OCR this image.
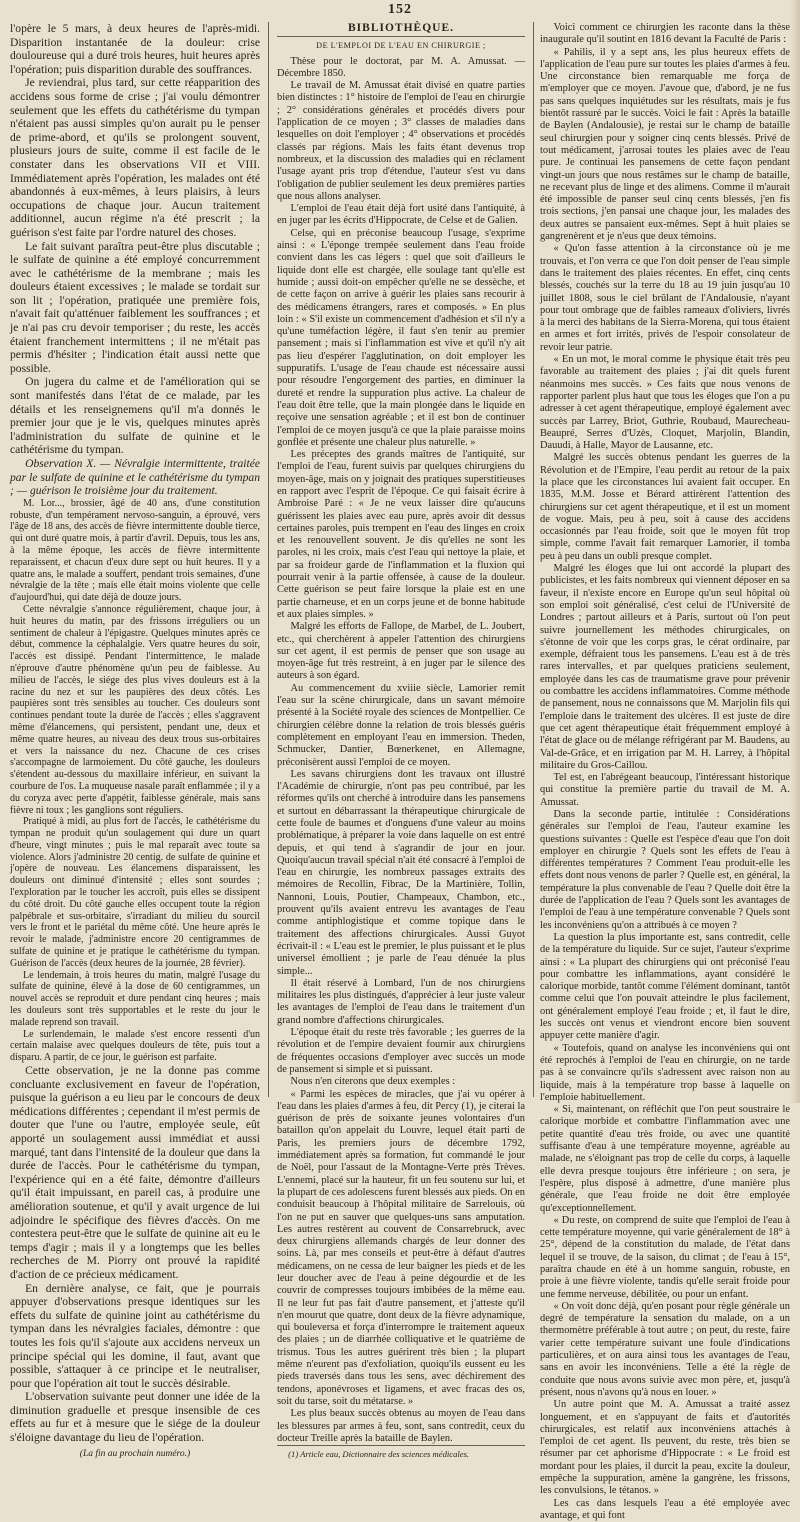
152

l'opère le 5 mars, à deux heures de l'après-midi. Disparition instantanée de la douleur: crise douloureuse qui a duré trois heures, huit heures après l'opération; puis disparition durable des souffrances.

Je reviendrai, plus tard, sur cette réapparition des accidens sous forme de crise ; j'ai voulu démontrer seulement que les effets du cathétérisme du tympan n'étaient pas aussi simples qu'on aurait pu le penser de prime-abord, et qu'ils se prolongent souvent, plusieurs jours de suite, comme il est facile de le constater dans les observations VII et VIII. Immédiatement après l'opération, les malades ont été abandonnés à eux-mêmes, à leurs plaisirs, à leurs occupations de chaque jour. Aucun traitement additionnel, aucun régime n'a été prescrit ; la guérison s'est faite par l'ordre naturel des choses.

Le fait suivant paraîtra peut-être plus discutable ; le sulfate de quinine a été employé concurremment avec le cathétérisme de la membrane ; mais les douleurs étaient excessives ; le malade se tordait sur son lit ; l'opération, pratiquée une première fois, n'avait fait qu'atténuer faiblement les souffrances ; et je n'ai pas cru devoir temporiser ; du reste, les accès étaient franchement intermittens ; il ne m'était pas permis d'hésiter ; l'indication était aussi nette que possible.

On jugera du calme et de l'amélioration qui se sont manifestés dans l'état de ce malade, par les détails et les renseignemens qu'il m'a donnés le premier jour que je le vis, quelques minutes après l'administration du sulfate de quinine et le cathétérisme du tympan.

Observation X. — Névralgie intermittente, traitée par le sulfate de quinine et le cathétérisme du tympan ; — guérison le troisième jour du traitement.

M. Lor..., brossier, âgé de 40 ans, d'une constitution robuste, d'un tempérament nervoso-sanguin, a éprouvé, vers l'âge de 18 ans, des accès de fièvre intermittente double tierce, qui ont duré quatre mois, à partir d'avril. Depuis, tous les ans, à la même époque, les accès de fièvre intermittente reparaissent, et chacun d'eux dure sept ou huit heures. Il y a quatre ans, le malade a souffert, pendant trois semaines, d'une névralgie de la tête ; mais elle était moins violente que celle d'aujourd'hui, qui date déjà de douze jours.

Cette névralgie s'annonce régulièrement, chaque jour, à huit heures du matin, par des frissons irréguliers ou un sentiment de chaleur à l'épigastre. Quelques minutes après ce début, commence la céphalalgie. Vers quatre heures du soir, l'accès est dissipé. Pendant l'intermittence, le malade n'éprouve d'autre phénomène qu'un peu de faiblesse. Au milieu de l'accès, le siége des plus vives douleurs est à la racine du nez et sur les paupières des deux côtés. Les paupières sont très sensibles au toucher. Ces douleurs sont continues pendant toute la durée de l'accès ; elles s'aggravent même d'élancemens, qui persistent, pendant une, deux et même quatre heures, au niveau des deux trous sus-orbitaires et vers la naissance du nez. Chacune de ces crises s'accompagne de larmoiement. Du côté gauche, les douleurs s'étendent au-dessous du maxillaire inférieur, en suivant la courbure de l'os. La muqueuse nasale paraît enflammée ; il y a du coryza avec perte d'appétit, faiblesse générale, mais sans fièvre ni toux ; les ganglions sont réguliers.

Pratiqué à midi, au plus fort de l'accès, le cathétérisme du tympan ne produit qu'un soulagement qui dure un quart d'heure, vingt minutes ; puis le mal reparaît avec toute sa violence. Alors j'administre 20 centig. de sulfate de quinine et j'opère de nouveau. Les élancemens disparaissent, les douleurs ont diminué d'intensité ; elles sont sourdes ; l'exploration par le toucher les accroît, puis elles se dissipent du côté droit. Du côté gauche elles occupent toute la région palpébrale et sus-orbitaire, s'irradiant du milieu du sourcil vers le front et le pariétal du même côté. Une heure après le revoir le malade, j'administre encore 20 centigrammes de sulfate de quinine et je pratique le cathétérisme du tympan. Guérison de l'accès (deux heures de la journée, 28 février).

Le lendemain, à trois heures du matin, malgré l'usage du sulfate de quinine, élevé à la dose de 60 centigrammes, un nouvel accès se reproduit et dure pendant cinq heures ; mais les douleurs sont très supportables et le reste du jour le malade reprend son travail.

Le surlendemain, le malade s'est encore ressenti d'un certain malaise avec quelques douleurs de tête, puis tout a disparu. A partir, de ce jour, le guérison est parfaite.

Cette observation, je ne la donne pas comme concluante exclusivement en faveur de l'opération, puisque la guérison a eu lieu par le concours de deux médications différentes ; cependant il m'est permis de douter que l'une ou l'autre, employée seule, eût apporté un soulagement aussi immédiat et aussi marqué, tant dans l'intensité de la douleur que dans la durée de l'accès. Pour le cathétérisme du tympan, l'expérience qui en a été faite, démontre d'ailleurs qu'il était impuissant, en pareil cas, à produire une amélioration soutenue, et qu'il y avait urgence de lui adjoindre le spécifique des fièvres d'accès. On me contestera peut-être que le sulfate de quinine ait eu le temps d'agir ; mais il y a longtemps que les belles recherches de M. Piorry ont prouvé la rapidité d'action de ce précieux médicament.

En dernière analyse, ce fait, que je pourrais appuyer d'observations presque identiques sur les effets du sulfate de quinine joint au cathétérisme du tympan dans les névralgies faciales, démontre : que toutes les fois qu'il s'ajoute aux accidens nerveux un principe spécial qui les domine, il faut, avant que possible, s'attaquer à ce principe et le neutraliser, pour que l'opération ait tout le succès désirable.

L'observation suivante peut donner une idée de la diminution graduelle et presque insensible de ces effets au fur et à mesure que le siége de la douleur s'éloigne davantage du lieu de l'opération.

(La fin au prochain numéro.)
BIBLIOTHÈQUE.
DE L'EMPLOI DE L'EAU EN CHIRURGIE ;

Thèse pour le doctorat, par M. A. Amussat. — Décembre 1850.

Le travail de M. Amussat était divisé en quatre parties bien distinctes : 1° histoire de l'emploi de l'eau en chirurgie ; 2° considérations générales et procédés divers pour l'application de ce moyen ; 3° classes de maladies dans lesquelles on doit l'employer ; 4° observations et procédés classés par régions. Mais les faits étant devenus trop nombreux, et la discussion des maladies qui en réclament l'usage ayant pris trop d'étendue, l'auteur s'est vu dans l'obligation de publier seulement les deux premières parties que nous allons analyser.

L'emploi de l'eau était déjà fort usité dans l'antiquité, à en juger par les écrits d'Hippocrate, de Celse et de Galien.

Celse, qui en préconise beaucoup l'usage, s'exprime ainsi : « L'éponge trempée seulement dans l'eau froide convient dans les cas légers : quel que soit d'ailleurs le liquide dont elle est chargée, elle soulage tant qu'elle est humide ; aussi doit-on empêcher qu'elle ne se dessèche, et de cette façon on arrive à guérir les plaies sans recourir à des médicamens étrangers, rares et composés. » En plus loin : « S'il existe un commencement d'adhésion et s'il n'y a qu'une tuméfaction légère, il faut s'en tenir au premier pansement ; mais si l'inflammation est vive et qu'il n'y ait pas lieu d'espérer l'agglutination, on doit employer les suppuratifs. L'usage de l'eau chaude est nécessaire aussi pour résoudre l'engorgement des parties, en diminuer la dureté et rendre la suppuration plus active. La chaleur de l'eau doit être telle, que la main plongée dans le liquide en reçoive une sensation agréable ; et il est bon de continuer l'emploi de ce moyen jusqu'à ce que la plaie paraisse moins gonflée et présente une chaleur plus naturelle. »

Les préceptes des grands maîtres de l'antiquité, sur l'emploi de l'eau, furent suivis par quelques chirurgiens du moyen-âge, mais on y joignait des pratiques superstitieuses en rapport avec l'esprit de l'époque. Ce qui faisait écrire à Ambroise Paré : « Je ne veux laisser dire qu'aucuns guérissent les plaies avec eau pure, après avoir dit dessus certaines paroles, puis trempent en l'eau des linges en croix et les renouvellent souvent. Je dis qu'elles ne sont les paroles, ni les croix, mais c'est l'eau qui nettoye la plaie, et par sa froideur garde de l'inflammation et la fluxion qui pourrait venir à la partie offensée, à cause de la douleur. Cette guérison se peut faire lorsque la plaie est en une partie charneuse, et en un corps jeune et de bonne habitude et aux plaies simples. »

Malgré les efforts de Fallope, de Marbel, de L. Joubert, etc., qui cherchèrent à appeler l'attention des chirurgiens sur cet agent, il est permis de penser que son usage au moyen-âge fut très restreint, à en juger par le silence des auteurs à son égard.

Au commencement du xviiie siècle, Lamorier remit l'eau sur la scène chirurgicale, dans un savant mémoire présenté à la Société royale des sciences de Montpellier. Ce chirurgien célèbre donne la relation de trois blessés guéris complètement en employant l'eau en immersion. Theden, Schmucker, Dantier, Bœnerkenet, en Allemagne, préconisèrent aussi l'emploi de ce moyen.

Les savans chirurgiens dont les travaux ont illustré l'Académie de chirurgie, n'ont pas peu contribué, par les réformes qu'ils ont cherché à introduire dans les pansemens et surtout en débarrassant la thérapeutique chirurgicale de cette foule de baumes et d'onguens d'une valeur au moins problématique, à préparer la voie dans laquelle on est entré depuis, et qui tend à s'agrandir de jour en jour. Quoiqu'aucun travail spécial n'ait été consacré à l'emploi de l'eau en chirurgie, les nombreux passages extraits des mémoires de Recollin, Fibrac, De la Martinière, Tollin, Nannoni, Louis, Poutier, Champeaux, Chambon, etc., prouvent qu'ils avaient entrevu les avantages de l'eau comme antiphlogistique et comme topique dans le traitement des affections chirurgicales. Aussi Guyot écrivait-il : « L'eau est le premier, le plus puissant et le plus universel émollient ; je parle de l'eau dénuée la plus simple...

Il était réservé à Lombard, l'un de nos chirurgiens militaires les plus distingués, d'apprécier à leur juste valeur les avantages de l'emploi de l'eau dans le traitement d'un grand nombre d'affections chirurgicales.

L'époque était du reste très favorable ; les guerres de la révolution et de l'empire devaient fournir aux chirurgiens de fréquentes occasions d'employer avec succès un mode de pansement si simple et si puissant.

Nous n'en citerons que deux exemples :

« Parmi les espèces de miracles, que j'ai vu opérer à l'eau dans les plaies d'armes à feu, dit Percy (1), je citerai la guérison de près de soixante jeunes volontaires d'un bataillon qu'on appelait du Louvre, lequel était parti de Paris, les premiers jours de décembre 1792, immédiatement après sa formation, fut commandé le jour de Noël, pour l'assaut de la Montagne-Verte près Trèves. L'ennemi, placé sur la hauteur, fit un feu soutenu sur lui, et la plupart de ces adolescens furent blessés aux pieds. On en conduisit beaucoup à l'hôpital militaire de Sarrelouis, où l'on ne put en sauver que quelques-uns sans amputation. Les autres restèrent au couvent de Consarrebruck, avec deux chirurgiens allemands chargés de leur donner des soins. Là, par mes conseils et peut-être à défaut d'autres médicamens, on ne cessa de leur baigner les pieds et de les leur doucher avec de l'eau à peine dégourdie et de les couvrir de compresses toujours imbibées de la même eau. Il ne leur fut pas fait d'autre pansement, et j'atteste qu'il n'en mourut que quatre, dont deux de la fièvre adynamique, qui bouleversa et força d'interrompre le traitement aqueux des plaies ; un de diarrhée colliquative et le quatrième de trismus. Tous les autres guérirent très bien ; la plupart même n'eurent pas d'exfoliation, quoiqu'ils eussent eu les pieds traversés dans tous les sens, avec déchirement des tendons, aponévroses et ligamens, et avec fracas des os, soit du tarse, soit du métatarse. »

Les plus beaux succès obtenus au moyen de l'eau dans les blessures par armes à feu, sont, sans contredit, ceux du docteur Treille après la bataille de Baylen.

(1) Article eau, Dictionnaire des sciences médicales.

Voici comment ce chirurgien les raconte dans la thèse inaugurale qu'il soutint en 1816 devant la Faculté de Paris :

« Pahilis, il y a sept ans, les plus heureux effets de l'application de l'eau pure sur toutes les plaies d'armes à feu. Une circonstance bien remarquable me força de m'employer que ce moyen. J'avoue que, d'abord, je ne fus pas sans quelques inquiétudes sur les résultats, mais je fus bientôt rassuré par le succès. Voici le fait : Après la bataille de Baylen (Andalousie), je restai sur le champ de bataille seul chirurgien pour y soigner cinq cents blessés. Privé de tout médicament, j'arrosai toutes les plaies avec de l'eau pure. Je continuai les pansemens de cette façon pendant vingt-un jours que nous restâmes sur le champ de bataille, ne recevant plus de linge et des alimens. Comme il m'aurait été impossible de panser seul cinq cents blessés, j'en fis trois sections, j'en pansai une chaque jour, les malades des deux autres se pansaient eux-mêmes. Sept à huit plaies se gangrenèrent et je n'eus que deux témoins.

« Qu'on fasse attention à la circonstance où je me trouvais, et l'on verra ce que l'on doit penser de l'eau simple dans le traitement des plaies récentes. En effet, cinq cents blessés, couchés sur la terre du 18 au 19 juin jusqu'au 10 juillet 1808, sous le ciel brûlant de l'Andalousie, n'ayant pour tout ombrage que de faibles rameaux d'oliviers, livrés à la merci des habitans de la Sierra-Morena, qui tous étaient en armes et fort irrités, privés de l'espoir consolateur de revoir leur patrie.

« En un mot, le moral comme le physique était très peu favorable au traitement des plaies ; j'ai dit quels furent néanmoins mes succès. » Ces faits que nous venons de rapporter parlent plus haut que tous les éloges que l'on a pu adresser à cet agent thérapeutique, employé également avec succès par Larrey, Briot, Guthrie, Roubaud, Maurecheau-Beaupré, Serres d'Uzès, Cloquet, Marjolin, Blandin, Dauudi, à Halle, Mayor de Lausanne, etc.

Malgré les succès obtenus pendant les guerres de la Révolution et de l'Empire, l'eau perdit au retour de la paix la place que les circonstances lui avaient fait occuper. En 1835, M.M. Josse et Bérard attirèrent l'attention des chirurgiens sur cet agent thérapeutique, et il est un moment de vogue. Mais, peu à peu, soit à cause des accidens occasionnés par l'eau froide, soit que le moyen fût trop simple, comme l'avait fait remarquer Lamorier, il tomba peu à peu dans un oubli presque complet.

Malgré les éloges que lui ont accordé la plupart des publicistes, et les faits nombreux qui viennent déposer en sa faveur, il n'existe encore en Europe qu'un seul hôpital où son emploi soit généralisé, c'est celui de l'Université de Londres ; partout ailleurs et à Paris, surtout où l'on peut suivre journellement les méthodes chirurgicales, on s'étonne de voir que les corps gras, le cérat ordinaire, par exemple, défraient tous les pansemens. L'eau est à de très rares intervalles, et par quelques praticiens seulement, employée dans les cas de traumatisme grave pour prévenir ou combattre les accidens inflammatoires. Comme méthode de pansement, nous ne connaissons que M. Marjolin fils qui l'emploie dans le traitement des ulcères. Il est juste de dire que cet agent thérapeutique était fréquemment employé à l'état de glace ou de mélange réfrigérant par M. Baudens, au Val-de-Grâce, et en irrigation par M. H. Larrey, à l'hôpital militaire du Gros-Caillou.

Tel est, en l'abrégeant beaucoup, l'intéressant historique qui constitue la première partie du travail de M. A. Amussat.

Dans la seconde partie, intitulée : Considérations générales sur l'emploi de l'eau, l'auteur examine les questions suivantes : Quelle est l'espèce d'eau que l'on doit employer en chirurgie ? Quels sont les effets de l'eau à différentes températures ? Comment l'eau produit-elle les effets dont nous venons de parler ? Quelle est, en général, la température la plus convenable de l'eau ? Quelle doit être la durée de l'application de l'eau ? Quels sont les avantages de l'emploi de l'eau à une température convenable ? Quels sont les inconvéniens qu'on a attribués à ce moyen ?

La question la plus importante est, sans contredit, celle de la température du liquide. Sur ce sujet, l'auteur s'exprime ainsi : « La plupart des chirurgiens qui ont préconisé l'eau pour combattre les inflammations, ayant considéré le calorique morbide, tantôt comme l'élément dominant, tantôt comme celui que l'on pouvait atteindre le plus facilement, ont généralement employé l'eau froide ; et, il faut le dire, les succès ont venus et viendront encore bien souvent appuyer cette manière d'agir.

« Toutefois, quand on analyse les inconvéniens qui ont été reprochés à l'emploi de l'eau en chirurgie, on ne tarde pas à se convaincre qu'ils s'adressent avec raison non au liquide, mais à la température trop basse à laquelle on l'emploie habituellement.

« Si, maintenant, on réfléchit que l'on peut soustraire le calorique morbide et combattre l'inflammation avec une petite quantité d'eau très froide, ou avec une quantité suffisante d'eau à une température moyenne, agréable au malade, ne s'éloignant pas trop de celle du corps, à laquelle elle devra presque toujours être inférieure ; on sera, je l'espère, plus disposé à admettre, d'une manière plus générale, que l'eau froide ne doit être employée qu'exceptionnellement.

« Du reste, on comprend de suite que l'emploi de l'eau à cette température moyenne, qui varie généralement de 18° à 25°, dépend de la constitution du malade, de l'état dans lequel il se trouve, de la saison, du climat ; de l'eau à 15°, paraîtra chaude en été à un homme sanguin, robuste, en proie à une fièvre violente, tandis qu'elle serait froide pour une femme nerveuse, débilitée, ou pour un enfant.

« On voit donc déjà, qu'en posant pour règle générale un degré de température la sensation du malade, on a un thermomètre préférable à tout autre ; on peut, du reste, faire varier cette température suivant une foule d'indications particulières, et on aura ainsi tous les avantages de l'eau, sans en avoir les inconvéniens. Telle a été la règle de conduite que nous avons suivie avec mon père, et, jusqu'à présent, nous n'avons qu'à nous en louer. »

Un autre point que M. A. Amussat a traité assez longuement, et en s'appuyant de faits et d'autorités chirurgicales, est relatif aux inconvéniens attachés à l'emploi de cet agent. Ils peuvent, du reste, très bien se résumer par cet aphorisme d'Hippocrate : « Le froid est mordant pour les plaies, il durcit la peau, excite la douleur, empêche la suppuration, amène la gangrène, les frissons, les convulsions, le tétanos. »

Les cas dans lesquels l'eau a été employée avec avantage, et qui font
